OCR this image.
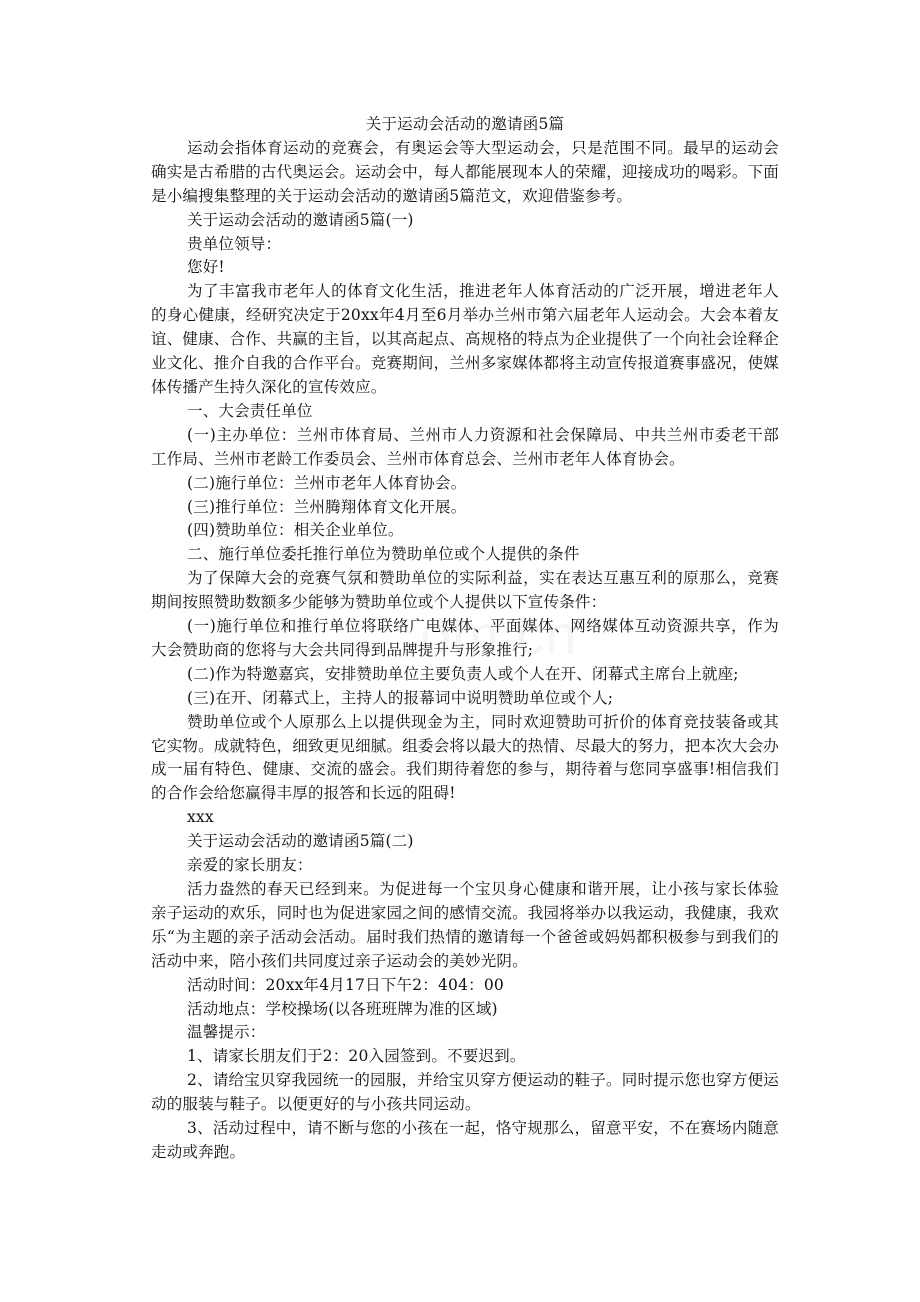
om.cn
关于运动会活动的邀请函5篇

运动会指体育运动的竞赛会，有奥运会等大型运动会，只是范围不同。最早的运动会确实是古希腊的古代奥运会。运动会中，每人都能展现本人的荣耀，迎接成功的喝彩。下面是小编搜集整理的关于运动会活动的邀请函5篇范文，欢迎借鉴参考。

关于运动会活动的邀请函5篇(一)

贵单位领导：

您好!

为了丰富我市老年人的体育文化生活，推进老年人体育活动的广泛开展，增进老年人的身心健康，经研究决定于20xx年4月至6月举办兰州市第六届老年人运动会。大会本着友谊、健康、合作、共赢的主旨，以其高起点、高规格的特点为企业提供了一个向社会诠释企业文化、推介自我的合作平台。竞赛期间，兰州多家媒体都将主动宣传报道赛事盛况，使媒体传播产生持久深化的宣传效应。

一、大会责任单位

(一)主办单位：兰州市体育局、兰州市人力资源和社会保障局、中共兰州市委老干部工作局、兰州市老龄工作委员会、兰州市体育总会、兰州市老年人体育协会。

(二)施行单位：兰州市老年人体育协会。

(三)推行单位：兰州腾翔体育文化开展。

(四)赞助单位：相关企业单位。

二、施行单位委托推行单位为赞助单位或个人提供的条件

为了保障大会的竞赛气氛和赞助单位的实际利益，实在表达互惠互利的原那么，竞赛期间按照赞助数额多少能够为赞助单位或个人提供以下宣传条件：

(一)施行单位和推行单位将联络广电媒体、平面媒体、网络媒体互动资源共享，作为大会赞助商的您将与大会共同得到品牌提升与形象推行;

(二)作为特邀嘉宾，安排赞助单位主要负责人或个人在开、闭幕式主席台上就座;

(三)在开、闭幕式上，主持人的报幕词中说明赞助单位或个人;

赞助单位或个人原那么上以提供现金为主，同时欢迎赞助可折价的体育竞技装备或其它实物。成就特色，细致更见细腻。组委会将以最大的热情、尽最大的努力，把本次大会办成一届有特色、健康、交流的盛会。我们期待着您的参与，期待着与您同享盛事!相信我们的合作会给您赢得丰厚的报答和长远的阻碍!

xxx

关于运动会活动的邀请函5篇(二)

亲爱的家长朋友：

活力盎然的春天已经到来。为促进每一个宝贝身心健康和谐开展，让小孩与家长体验亲子运动的欢乐，同时也为促进家园之间的感情交流。我园将举办以我运动，我健康，我欢乐“为主题的亲子活动会活动。届时我们热情的邀请每一个爸爸或妈妈都积极参与到我们的活动中来，陪小孩们共同度过亲子运动会的美妙光阴。

活动时间：20xx年4月17日下午2：404：00

活动地点：学校操场(以各班班牌为准的区域)

温馨提示：

1、请家长朋友们于2：20入园签到。不要迟到。

2、请给宝贝穿我园统一的园服，并给宝贝穿方便运动的鞋子。同时提示您也穿方便运动的服装与鞋子。以便更好的与小孩共同运动。

3、活动过程中，请不断与您的小孩在一起，恪守规那么，留意平安，不在赛场内随意走动或奔跑。
